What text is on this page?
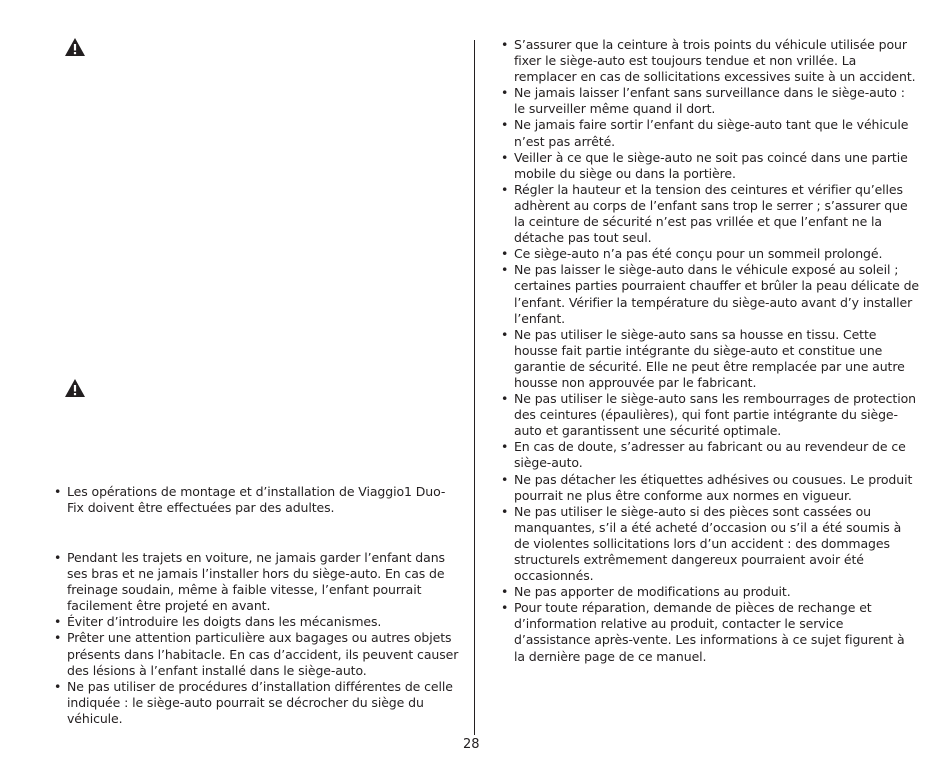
• Les opérations de montage et d’installation de Viaggio1 Duo-Fix doivent être effectuées par des adultes.
• Pendant les trajets en voiture, ne jamais garder l’enfant dans ses bras et ne jamais l’installer hors du siège-auto. En cas de freinage soudain, même à faible vitesse, l’enfant pourrait facilement être projeté en avant.
• Éviter d’introduire les doigts dans les mécanismes.
• Prêter une attention particulière aux bagages ou autres objets présents dans l’habitacle. En cas d’accident, ils peuvent causer des lésions à l’enfant installé dans le siège-auto.
• Ne pas utiliser de procédures d’installation différentes de celle indiquée : le siège-auto pourrait se décrocher du siège du véhicule.
• S’assurer que la ceinture à trois points du véhicule utilisée pour fixer le siège-auto est toujours tendue et non vrillée. La remplacer en cas de sollicitations excessives suite à un accident.
• Ne jamais laisser l’enfant sans surveillance dans le siège-auto : le surveiller même quand il dort.
• Ne jamais faire sortir l’enfant du siège-auto tant que le véhicule n’est pas arrêté.
• Veiller à ce que le siège-auto ne soit pas coincé dans une partie mobile du siège ou dans la portière.
• Régler la hauteur et la tension des ceintures et vérifier qu’elles adhèrent au corps de l’enfant sans trop le serrer ; s’assurer que la ceinture de sécurité n’est pas vrillée et que l’enfant ne la détache pas tout seul.
• Ce siège-auto n’a pas été conçu pour un sommeil prolongé.
• Ne pas laisser le siège-auto dans le véhicule exposé au soleil ; certaines parties pourraient chauffer et brûler la peau délicate de l’enfant. Vérifier la température du siège-auto avant d’y installer l’enfant.
• Ne pas utiliser le siège-auto sans sa housse en tissu. Cette housse fait partie intégrante du siège-auto et constitue une garantie de sécurité. Elle ne peut être remplacée par une autre housse non approuvée par le fabricant.
• Ne pas utiliser le siège-auto sans les rembourrages de protection des ceintures (épaulières), qui font partie intégrante du siège-auto et garantissent une sécurité optimale.
• En cas de doute, s’adresser au fabricant ou au revendeur de ce siège-auto.
• Ne pas détacher les étiquettes adhésives ou cousues. Le produit pourrait ne plus être conforme aux normes en vigueur.
• Ne pas utiliser le siège-auto si des pièces sont cassées ou manquantes, s’il a été acheté d’occasion ou s’il a été soumis à de violentes sollicitations lors d’un accident : des dommages structurels extrêmement dangereux pourraient avoir été occasionnés.
• Ne pas apporter de modifications au produit.
• Pour toute réparation, demande de pièces de rechange et d’information relative au produit, contacter le service d’assistance après-vente. Les informations à ce sujet figurent à la dernière page de ce manuel.
28
